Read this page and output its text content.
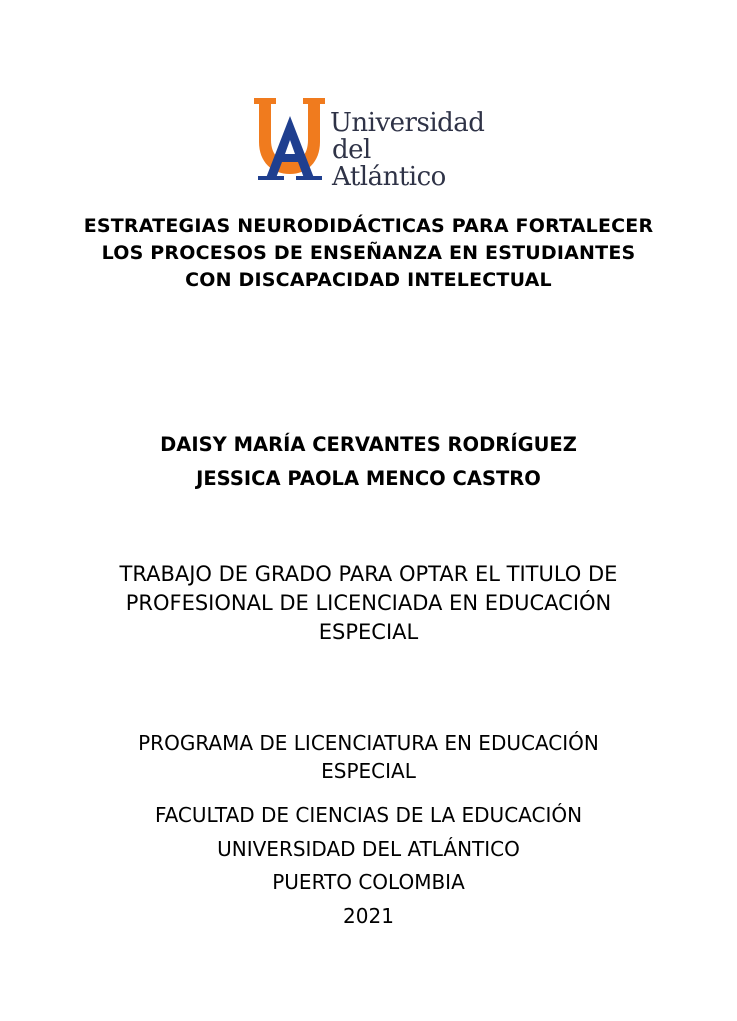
Universidad
del Atlántico
ESTRATEGIAS NEURODIDÁCTICAS PARA FORTALECER
LOS PROCESOS DE ENSEÑANZA EN ESTUDIANTES
CON DISCAPACIDAD INTELECTUAL
DAISY MARÍA CERVANTES RODRÍGUEZ
JESSICA PAOLA MENCO CASTRO
TRABAJO DE GRADO PARA OPTAR EL TITULO DE
PROFESIONAL DE LICENCIADA EN EDUCACIÓN
ESPECIAL
PROGRAMA DE LICENCIATURA EN EDUCACIÓN
ESPECIAL
FACULTAD DE CIENCIAS DE LA EDUCACIÓN
UNIVERSIDAD DEL ATLÁNTICO
PUERTO COLOMBIA
2021
